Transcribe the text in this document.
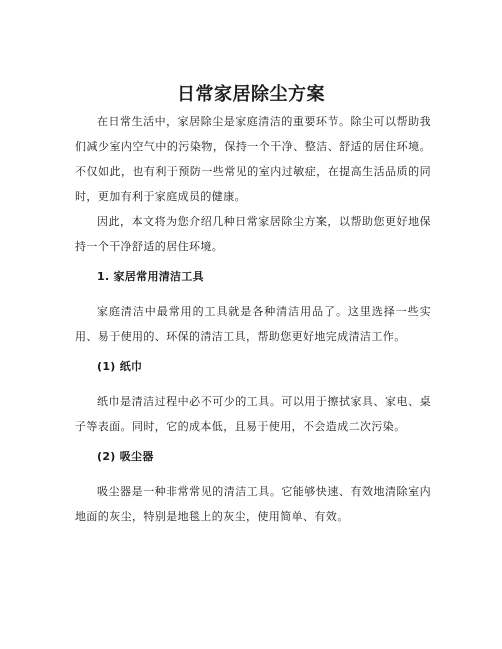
日常家居除尘方案

在日常生活中，家居除尘是家庭清洁的重要环节。除尘可以帮助我们减少室内空气中的污染物，保持一个干净、整洁、舒适的居住环境。不仅如此，也有利于预防一些常见的室内过敏症，在提高生活品质的同时，更加有利于家庭成员的健康。

因此，本文将为您介绍几种日常家居除尘方案，以帮助您更好地保持一个干净舒适的居住环境。

1. 家居常用清洁工具

家庭清洁中最常用的工具就是各种清洁用品了。这里选择一些实用、易于使用的、环保的清洁工具，帮助您更好地完成清洁工作。

(1) 纸巾

纸巾是清洁过程中必不可少的工具。可以用于擦拭家具、家电、桌子等表面。同时，它的成本低，且易于使用，不会造成二次污染。

(2) 吸尘器

吸尘器是一种非常常见的清洁工具。它能够快速、有效地清除室内地面的灰尘，特别是地毯上的灰尘，使用简单、有效。
